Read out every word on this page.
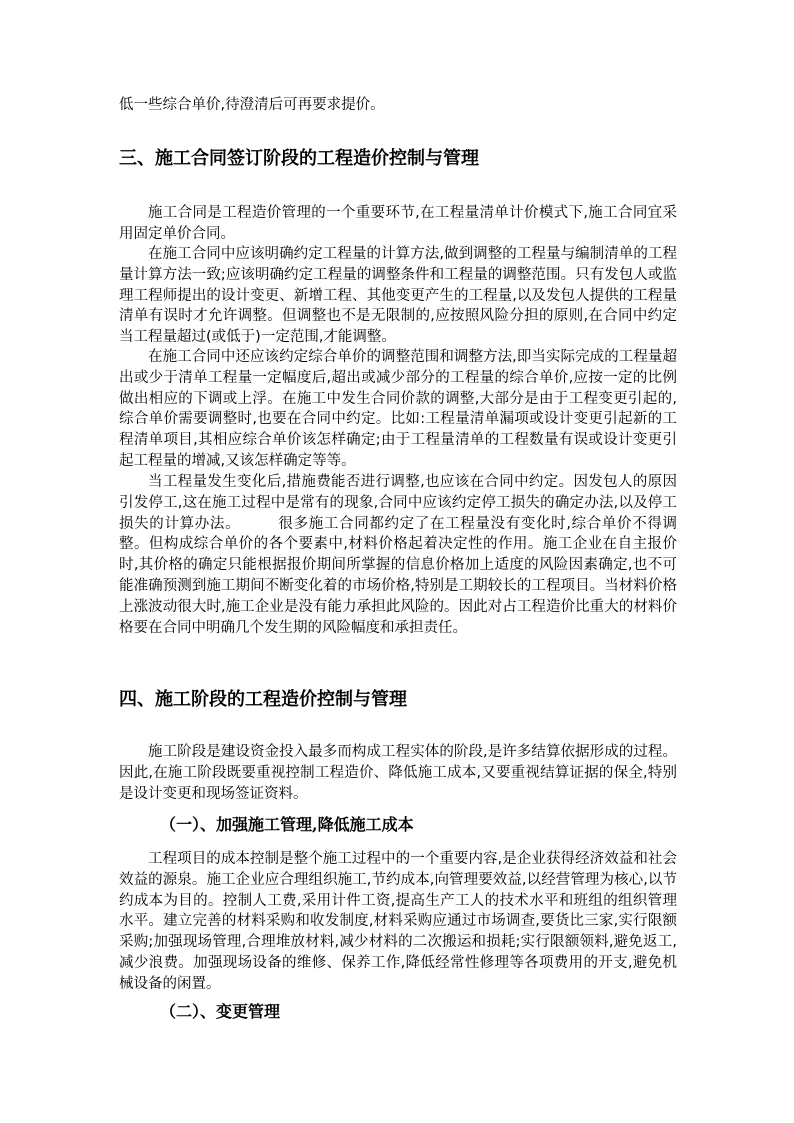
低一些综合单价,待澄清后可再要求提价。

三、施工合同签订阶段的工程造价控制与管理

施工合同是工程造价管理的一个重要环节,在工程量清单计价模式下,施工合同宜采用固定单价合同。

在施工合同中应该明确约定工程量的计算方法,做到调整的工程量与编制清单的工程量计算方法一致;应该明确约定工程量的调整条件和工程量的调整范围。只有发包人或监理工程师提出的设计变更、新增工程、其他变更产生的工程量,以及发包人提供的工程量清单有误时才允许调整。但调整也不是无限制的,应按照风险分担的原则,在合同中约定当工程量超过(或低于)一定范围,才能调整。

在施工合同中还应该约定综合单价的调整范围和调整方法,即当实际完成的工程量超出或少于清单工程量一定幅度后,超出或减少部分的工程量的综合单价,应按一定的比例做出相应的下调或上浮。在施工中发生合同价款的调整,大部分是由于工程变更引起的,综合单价需要调整时,也要在合同中约定。比如:工程量清单漏项或设计变更引起新的工程清单项目,其相应综合单价该怎样确定;由于工程量清单的工程数量有误或设计变更引起工程量的增减,又该怎样确定等等。

当工程量发生变化后,措施费能否进行调整,也应该在合同中约定。因发包人的原因引发停工,这在施工过程中是常有的现象,合同中应该约定停工损失的确定办法,以及停工损失的计算办法。　　　很多施工合同都约定了在工程量没有变化时,综合单价不得调整。但构成综合单价的各个要素中,材料价格起着决定性的作用。施工企业在自主报价时,其价格的确定只能根据报价期间所掌握的信息价格加上适度的风险因素确定,也不可能准确预测到施工期间不断变化着的市场价格,特别是工期较长的工程项目。当材料价格上涨波动很大时,施工企业是没有能力承担此风险的。因此对占工程造价比重大的材料价格要在合同中明确几个发生期的风险幅度和承担责任。

四、施工阶段的工程造价控制与管理

施工阶段是建设资金投入最多而构成工程实体的阶段,是许多结算依据形成的过程。因此,在施工阶段既要重视控制工程造价、降低施工成本,又要重视结算证据的保全,特别是设计变更和现场签证资料。

（一）、加强施工管理,降低施工成本

工程项目的成本控制是整个施工过程中的一个重要内容,是企业获得经济效益和社会效益的源泉。施工企业应合理组织施工,节约成本,向管理要效益,以经营管理为核心,以节约成本为目的。控制人工费,采用计件工资,提高生产工人的技术水平和班组的组织管理水平。建立完善的材料采购和收发制度,材料采购应通过市场调查,要货比三家,实行限额采购;加强现场管理,合理堆放材料,减少材料的二次搬运和损耗;实行限额领料,避免返工,减少浪费。加强现场设备的维修、保养工作,降低经常性修理等各项费用的开支,避免机械设备的闲置。

（二）、变更管理
